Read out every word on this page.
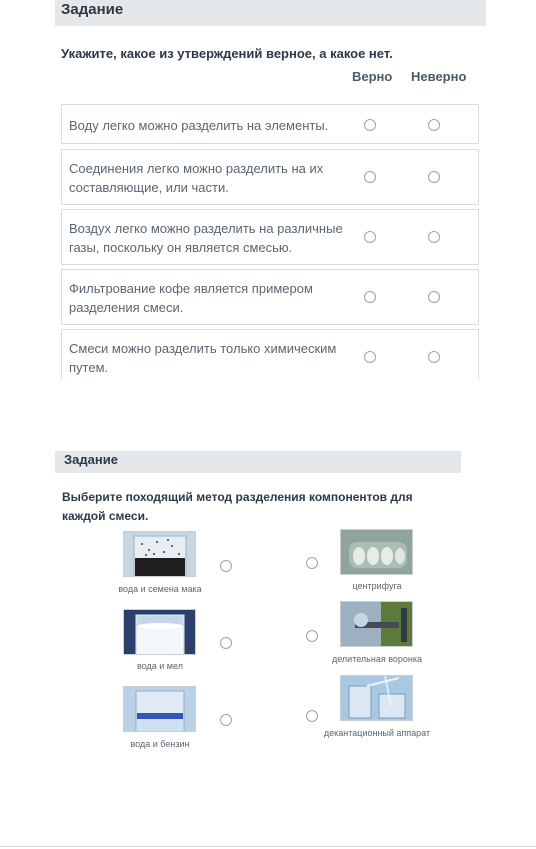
Задание
Укажите, какое из утверждений верное, а какое нет.
Верно Неверно
Воду легко можно разделить на элементы.
Соединения легко можно разделить на их составляющие, или части.
Воздух легко можно разделить на различные газы, поскольку он является смесью.
Фильтрование кофе является примером разделения смеси.
Смеси можно разделить только химическим путем.
Задание
Выберите походящий метод разделения компонентов для каждой смеси.
вода и семена мака
вода и мел
вода и бензин
центрифуга
делительная воронка
декантационный аппарат
